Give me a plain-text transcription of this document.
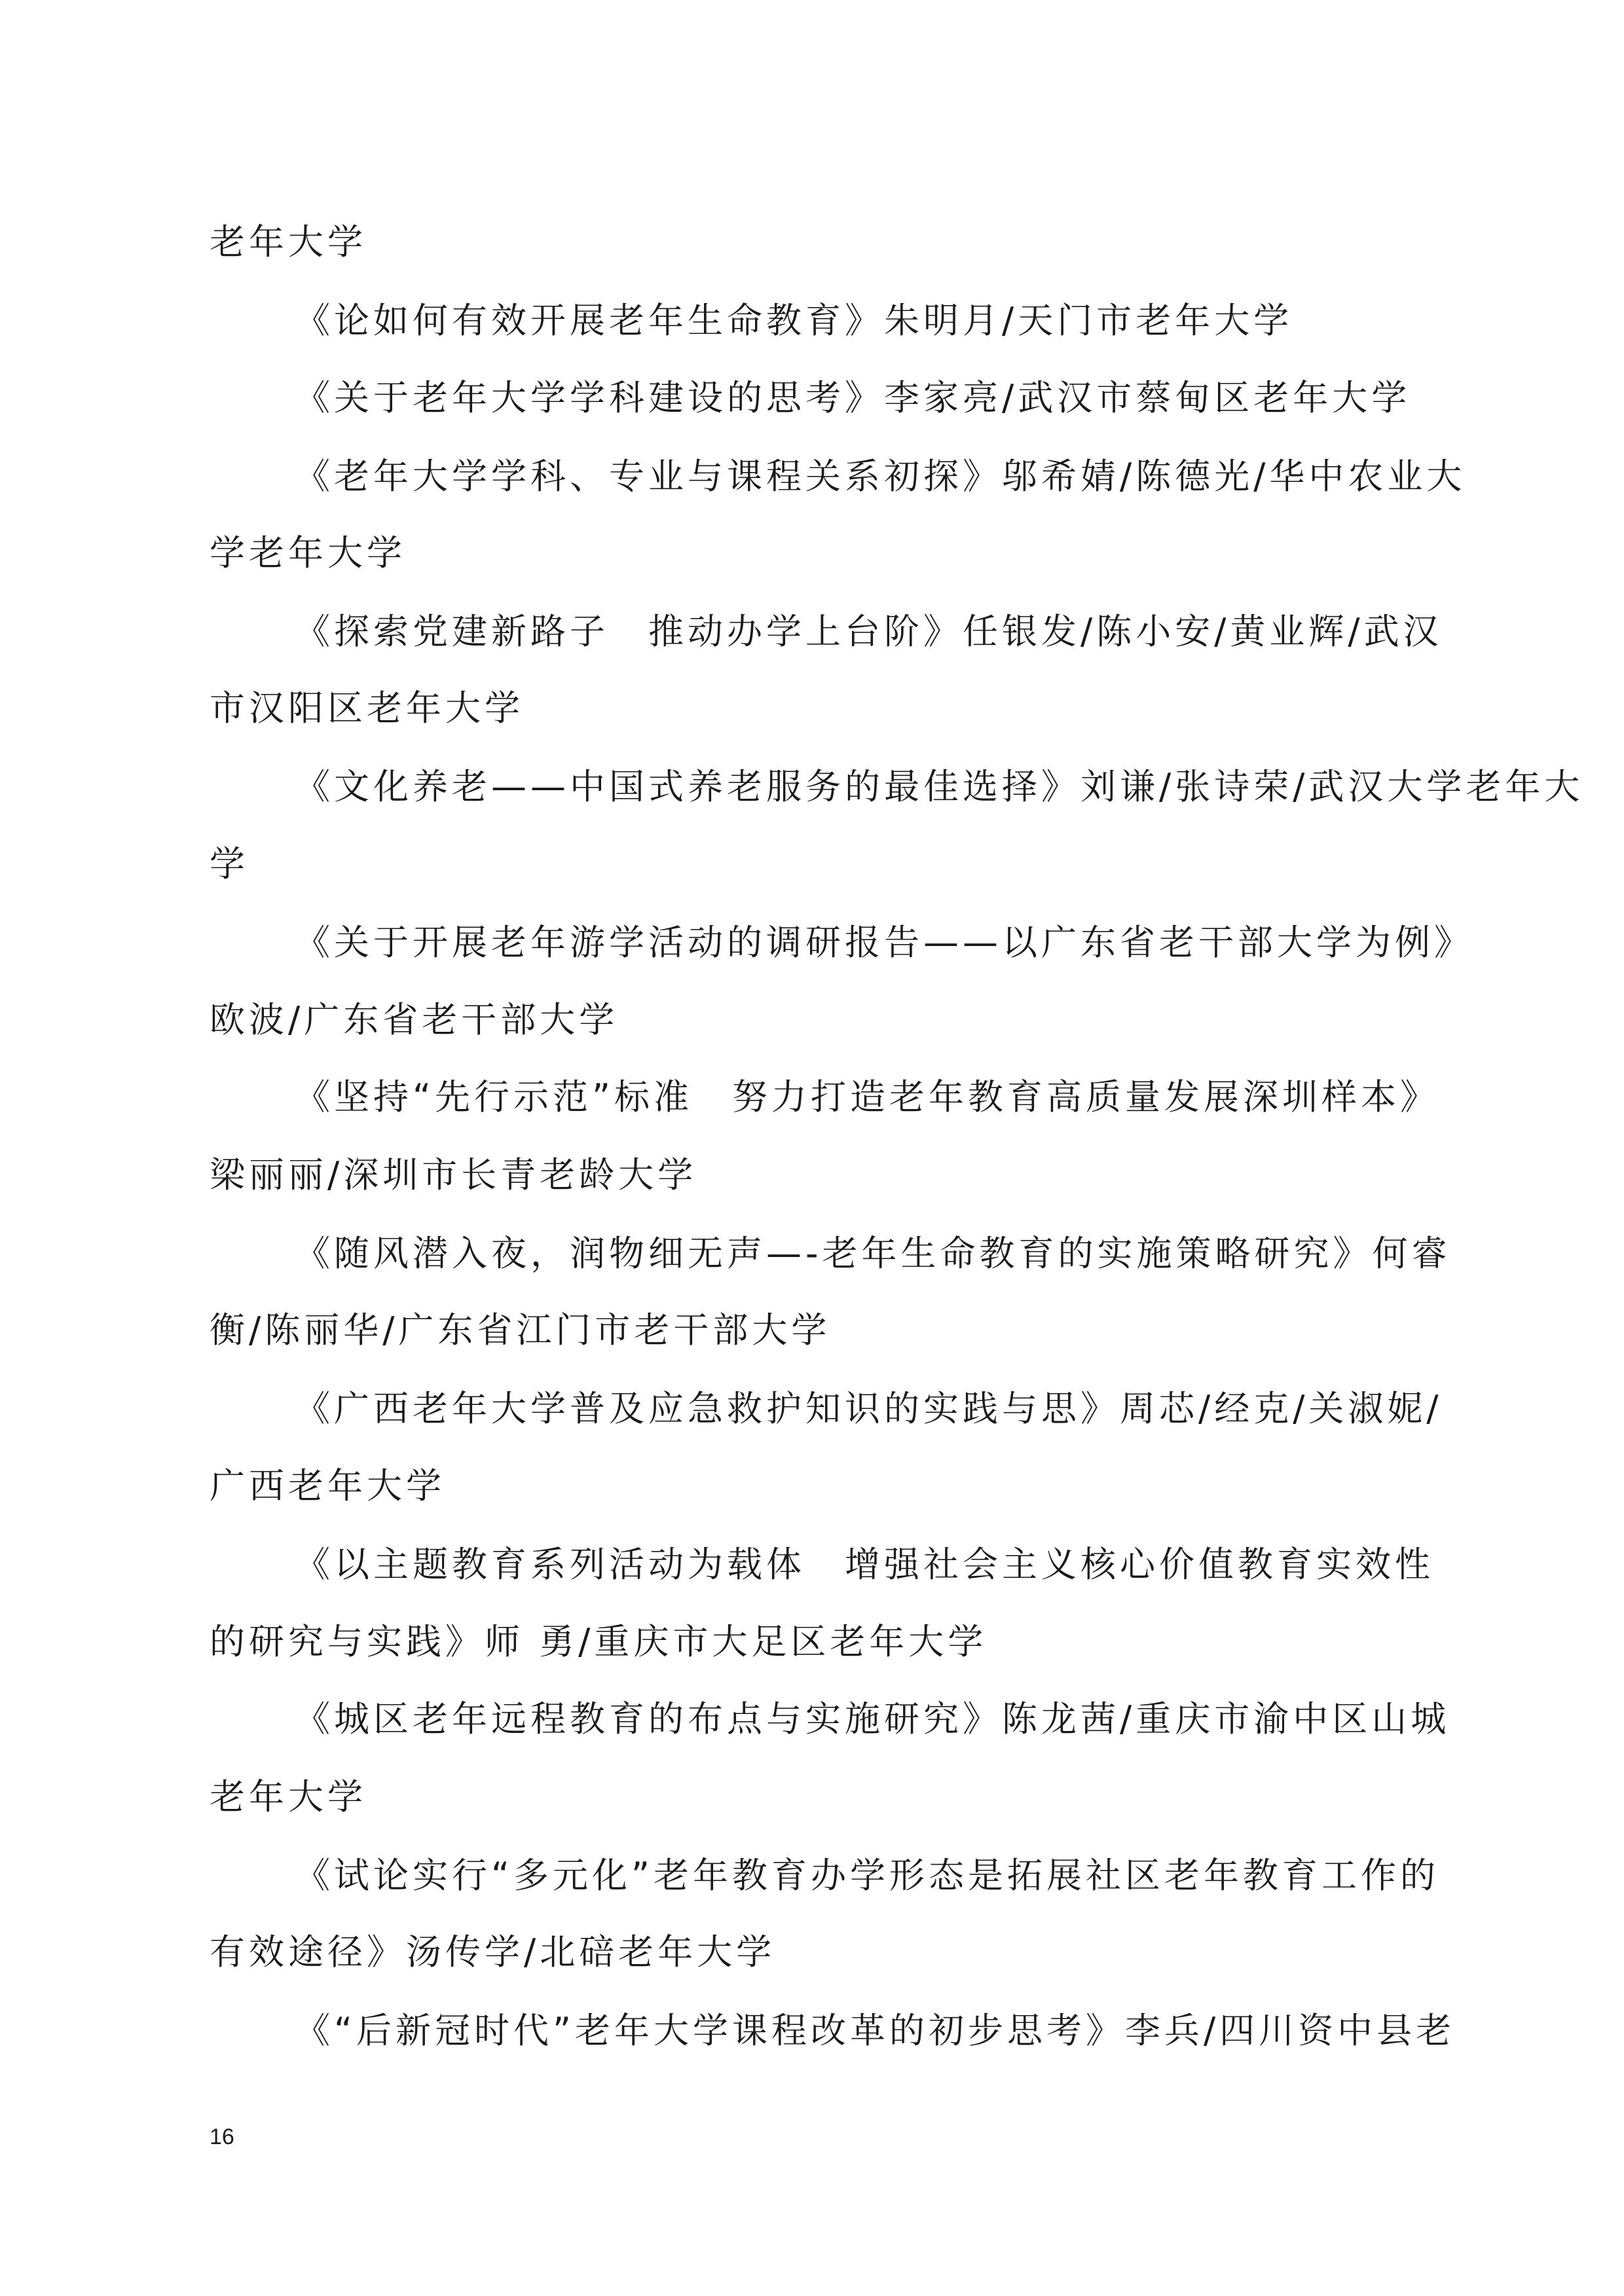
老年大学
《论如何有效开展老年生命教育》朱明月/天门市老年大学
《关于老年大学学科建设的思考》李家亮/武汉市蔡甸区老年大学
《老年大学学科、专业与课程关系初探》邬希婧/陈德光/华中农业大
学老年大学
《探索党建新路子　推动办学上台阶》任银发/陈小安/黄业辉/武汉
市汉阳区老年大学
《文化养老——中国式养老服务的最佳选择》刘谦/张诗荣/武汉大学老年大
学
《关于开展老年游学活动的调研报告——以广东省老干部大学为例》
欧波/广东省老干部大学
《坚持“先行示范”标准　努力打造老年教育高质量发展深圳样本》
梁丽丽/深圳市长青老龄大学
《随风潜入夜，润物细无声—-老年生命教育的实施策略研究》何睿
衡/陈丽华/广东省江门市老干部大学
《广西老年大学普及应急救护知识的实践与思》周芯/经克/关淑妮/
广西老年大学
《以主题教育系列活动为载体　增强社会主义核心价值教育实效性
的研究与实践》师 勇/重庆市大足区老年大学
《城区老年远程教育的布点与实施研究》陈龙茜/重庆市渝中区山城
老年大学
《试论实行“多元化”老年教育办学形态是拓展社区老年教育工作的
有效途径》汤传学/北碚老年大学
《“后新冠时代”老年大学课程改革的初步思考》李兵/四川资中县老
16
